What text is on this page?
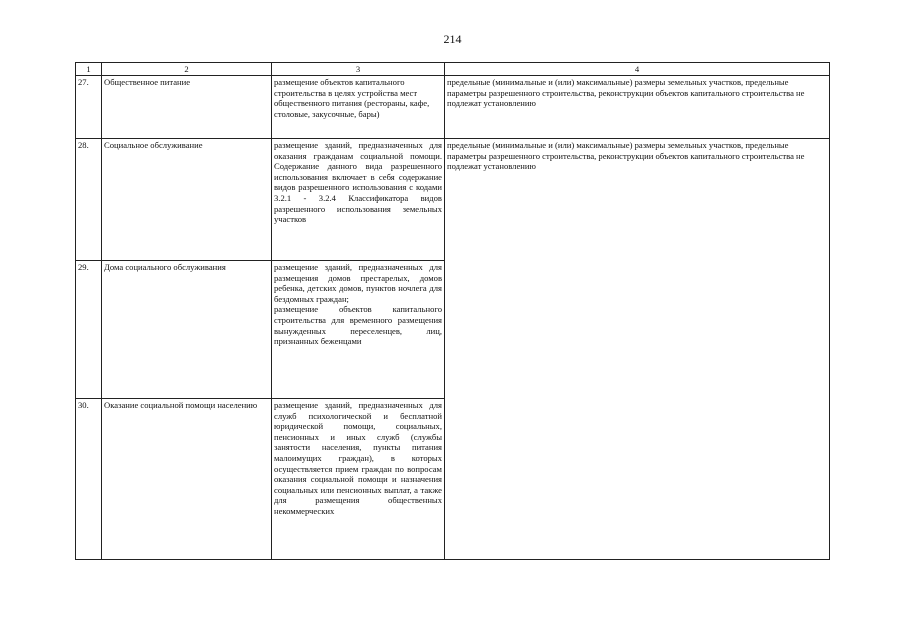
214
1	2	3	4
27.	Общественное питание	размещение объектов капитального строительства в целях устройства мест общественного питания (рестораны, кафе, столовые, закусочные, бары)	предельные (минимальные и (или) максимальные) размеры земельных участков, предельные параметры разрешенного строительства, реконструкции объектов капитального строительства не подлежат установлению
28.	Социальное обслуживание	размещение зданий, предназначенных для оказания гражданам социальной помощи. Содержание данного вида разрешенного использования включает в себя содержание видов разрешенного использования с кодами 3.2.1 - 3.2.4 Классификатора видов разрешенного использования земельных участков	предельные (минимальные и (или) максимальные) размеры земельных участков, предельные параметры разрешенного строительства, реконструкции объектов капитального строительства не подлежат установлению
29.	Дома социального обслуживания	размещение зданий, предназначенных для размещения домов престарелых, домов ребенка, детских домов, пунктов ночлега для бездомных граждан;
размещение объектов капитального строительства для временного размещения вынужденных переселенцев, лиц, признанных беженцами	
30.	Оказание социальной помощи населению	размещение зданий, предназначенных для служб психологической и бесплатной юридической помощи, социальных, пенсионных и иных служб (службы занятости населения, пункты питания малоимущих граждан), в которых осуществляется прием граждан по вопросам оказания социальной помощи и назначения социальных или пенсионных выплат, а также для размещения общественных некоммерческих	
